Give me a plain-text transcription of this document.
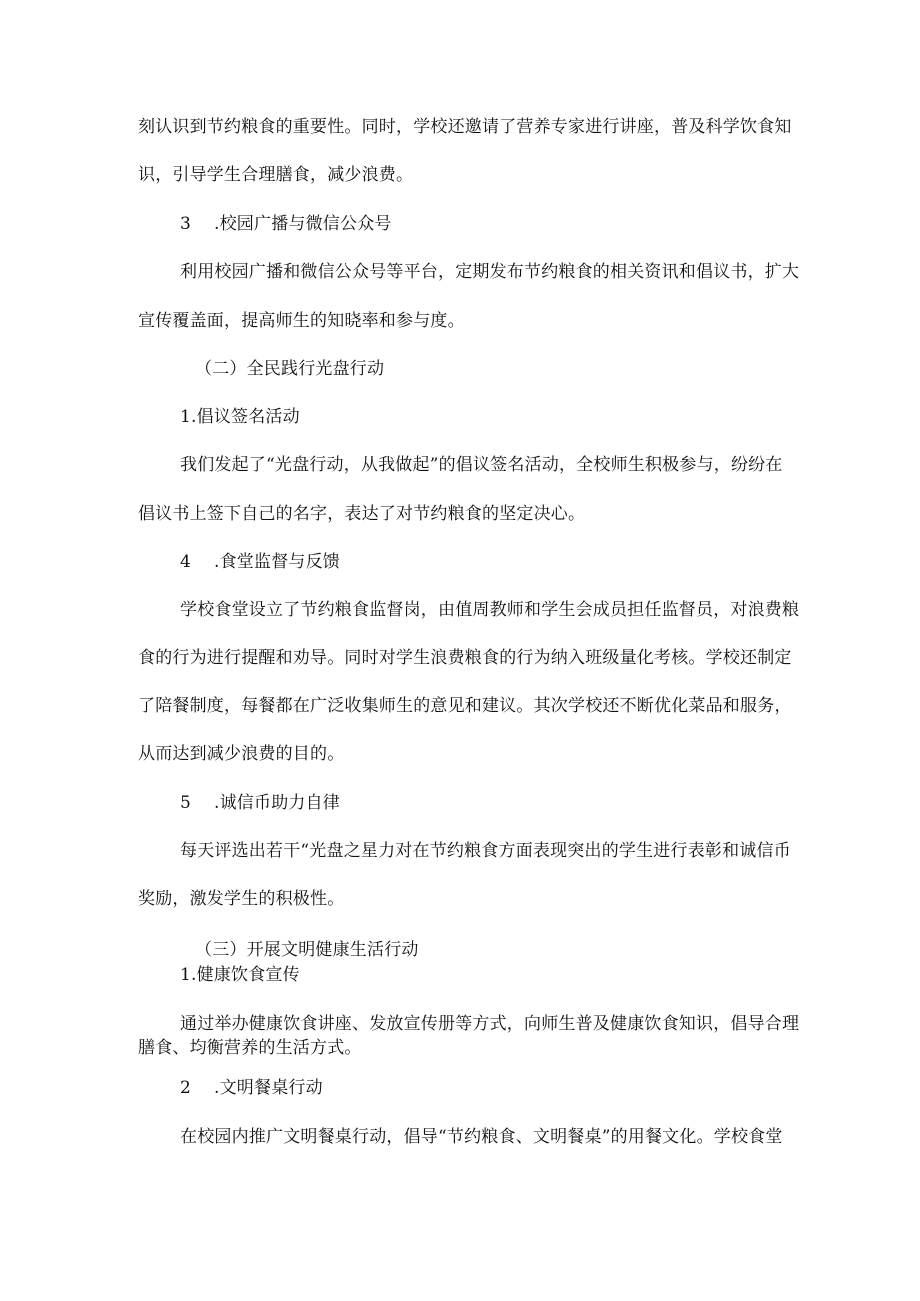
刻认识到节约粮食的重要性。同时，学校还邀请了营养专家进行讲座，普及科学饮食知
识，引导学生合理膳食，减少浪费。
3 .校园广播与微信公众号
利用校园广播和微信公众号等平台，定期发布节约粮食的相关资讯和倡议书，扩大
宣传覆盖面，提高师生的知晓率和参与度。
（二）全民践行光盘行动
1.倡议签名活动
我们发起了“光盘行动，从我做起”的倡议签名活动，全校师生积极参与，纷纷在
倡议书上签下自己的名字，表达了对节约粮食的坚定决心。
4 .食堂监督与反馈
学校食堂设立了节约粮食监督岗，由值周教师和学生会成员担任监督员，对浪费粮
食的行为进行提醒和劝导。同时对学生浪费粮食的行为纳入班级量化考核。学校还制定
了陪餐制度，每餐都在广泛收集师生的意见和建议。其次学校还不断优化菜品和服务，
从而达到减少浪费的目的。
5 .诚信币助力自律
每天评选出若干“光盘之星力对在节约粮食方面表现突出的学生进行表彰和诚信币
奖励，激发学生的积极性。
（三）开展文明健康生活行动
1.健康饮食宣传
通过举办健康饮食讲座、发放宣传册等方式，向师生普及健康饮食知识，倡导合理
膳食、均衡营养的生活方式。
2 .文明餐桌行动
在校园内推广文明餐桌行动，倡导“节约粮食、文明餐桌”的用餐文化。学校食堂
